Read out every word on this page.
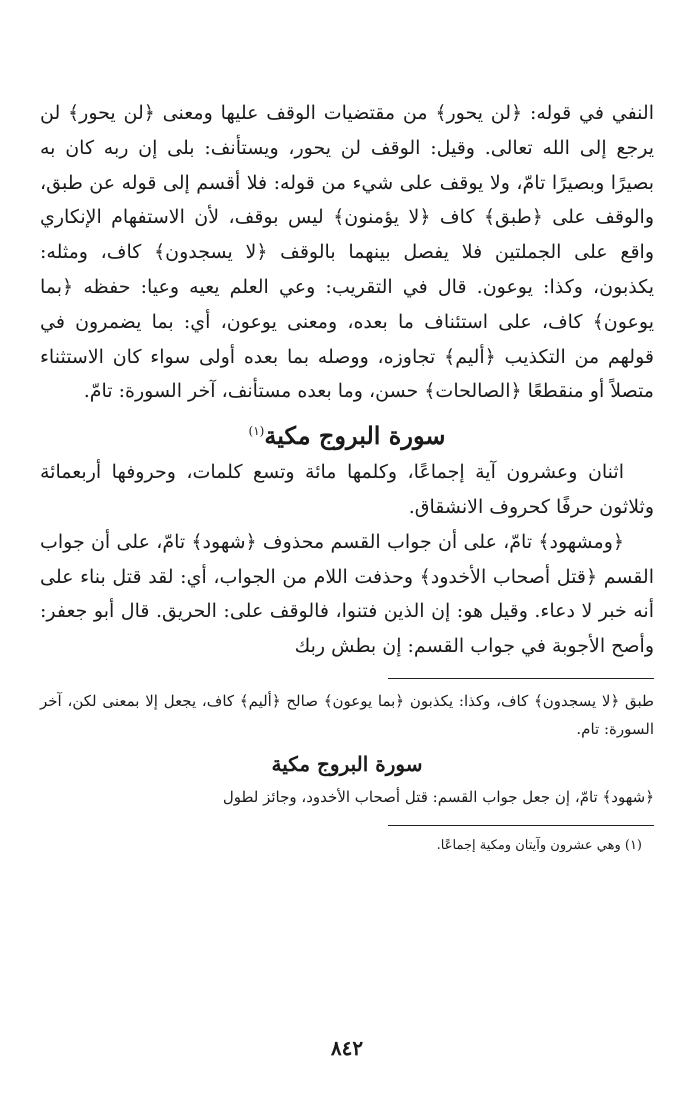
النفي في قوله: ﴿لن يحور﴾ من مقتضيات الوقف عليها ومعنى ﴿لن يحور﴾ لن يرجع إلى الله تعالى. وقيل: الوقف لن يحور، ويستأنف: بلى إن ربه كان به بصيرًا وبصيرًا تامّ، ولا يوقف على شيء من قوله: فلا أقسم إلى قوله عن طبق، والوقف على ﴿طبق﴾ كاف ﴿لا يؤمنون﴾ ليس بوقف، لأن الاستفهام الإنكاري واقع على الجملتين فلا يفصل بينهما بالوقف ﴿لا يسجدون﴾ كاف، ومثله: يكذبون، وكذا: يوعون. قال في التقريب: وعي العلم يعيه وعيا: حفظه ﴿بما يوعون﴾ كاف، على استئناف ما بعده، ومعنى يوعون، أي: بما يضمرون في قولهم من التكذيب ﴿أليم﴾ تجاوزه، ووصله بما بعده أولى سواء كان الاستثناء متصلاً أو منقطعًا ﴿الصالحات﴾ حسن، وما بعده مستأنف، آخر السورة: تامّ.

سورة البروج مكية$^{(١)}$

اثنان وعشرون آية إجماعًا، وكلمها مائة وتسع كلمات، وحروفها أربعمائة وثلاثون حرفًا كحروف الانشقاق.

﴿ومشهود﴾ تامّ، على أن جواب القسم محذوف ﴿شهود﴾ تامّ، على أن جواب القسم ﴿قتل أصحاب الأخدود﴾ وحذفت اللام من الجواب، أي: لقد قتل بناء على أنه خبر لا دعاء. وقيل هو: إن الذين فتنوا، فالوقف على: الحريق. قال أبو جعفر: وأصح الأجوبة في جواب القسم: إن بطش ربك

طبق ﴿لا يسجدون﴾ كاف، وكذا: يكذبون ﴿بما يوعون﴾ صالح ﴿أليم﴾ كاف، يجعل إلا بمعنى لكن، آخر السورة: تام.

سورة البروج مكية

﴿شهود﴾ تامّ، إن جعل جواب القسم: قتل أصحاب الأخدود، وجائز لطول

(١) وهي عشرون وآيتان ومكية إجماعًا.

٨٤٢
